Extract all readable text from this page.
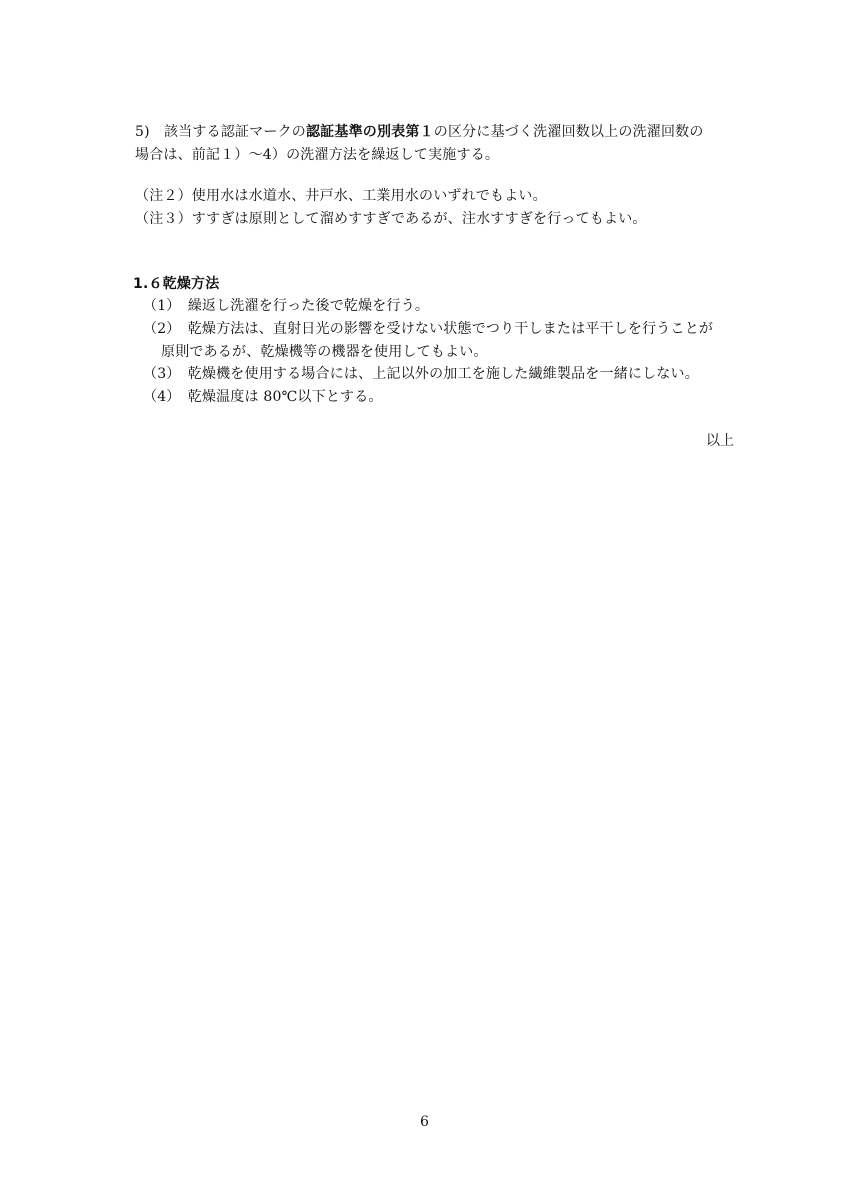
5)　該当する認証マークの認証基準の別表第１の区分に基づく洗濯回数以上の洗濯回数の
場合は、前記１）〜4）の洗濯方法を繰返して実施する。
（注２）使用水は水道水、井戸水、工業用水のいずれでもよい。
（注３）すすぎは原則として溜めすすぎであるが、注水すすぎを行ってもよい。
1.６乾燥方法
（1）　繰返し洗濯を行った後で乾燥を行う。
（2）　乾燥方法は、直射日光の影響を受けない状態でつり干しまたは平干しを行うことが
原則であるが、乾燥機等の機器を使用してもよい。
（3）　乾燥機を使用する場合には、上記以外の加工を施した繊維製品を一緒にしない。
（4）　乾燥温度は 80℃以下とする。
以上
6
